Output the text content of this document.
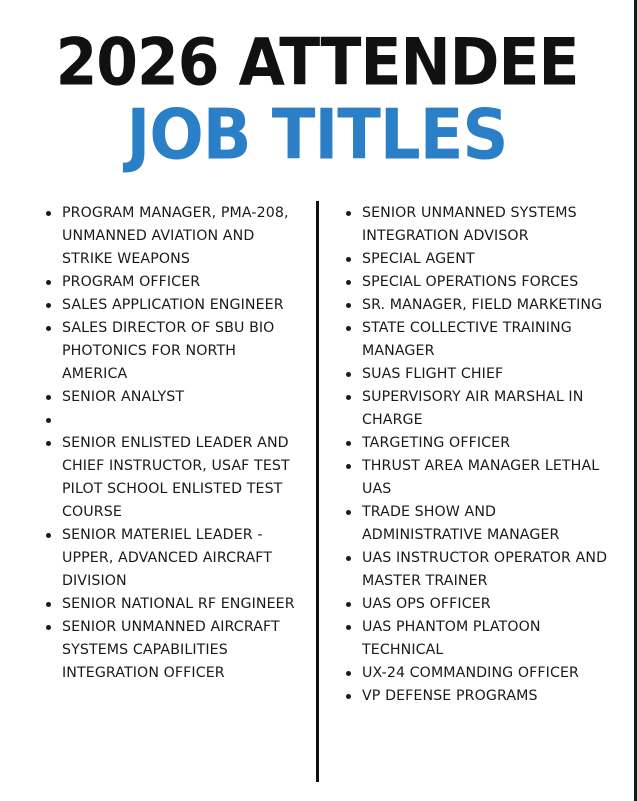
2026 ATTENDEE
JOB TITLES
PROGRAM MANAGER, PMA-208, UNMANNED AVIATION AND STRIKE WEAPONS
PROGRAM OFFICER
SALES APPLICATION ENGINEER
SALES DIRECTOR OF SBU BIO PHOTONICS FOR NORTH AMERICA
SENIOR ANALYST
SENIOR ENLISTED LEADER AND CHIEF INSTRUCTOR, USAF TEST PILOT SCHOOL ENLISTED TEST COURSE
SENIOR MATERIEL LEADER - UPPER, ADVANCED AIRCRAFT DIVISION
SENIOR NATIONAL RF ENGINEER
SENIOR UNMANNED AIRCRAFT SYSTEMS CAPABILITIES INTEGRATION OFFICER
SENIOR UNMANNED SYSTEMS INTEGRATION ADVISOR
SPECIAL AGENT
SPECIAL OPERATIONS FORCES
SR. MANAGER, FIELD MARKETING
STATE COLLECTIVE TRAINING MANAGER
SUAS FLIGHT CHIEF
SUPERVISORY AIR MARSHAL IN CHARGE
TARGETING OFFICER
THRUST AREA MANAGER LETHAL UAS
TRADE SHOW AND ADMINISTRATIVE MANAGER
UAS INSTRUCTOR OPERATOR AND MASTER TRAINER
UAS OPS OFFICER
UAS PHANTOM PLATOON TECHNICAL
UX-24 COMMANDING OFFICER
VP DEFENSE PROGRAMS
